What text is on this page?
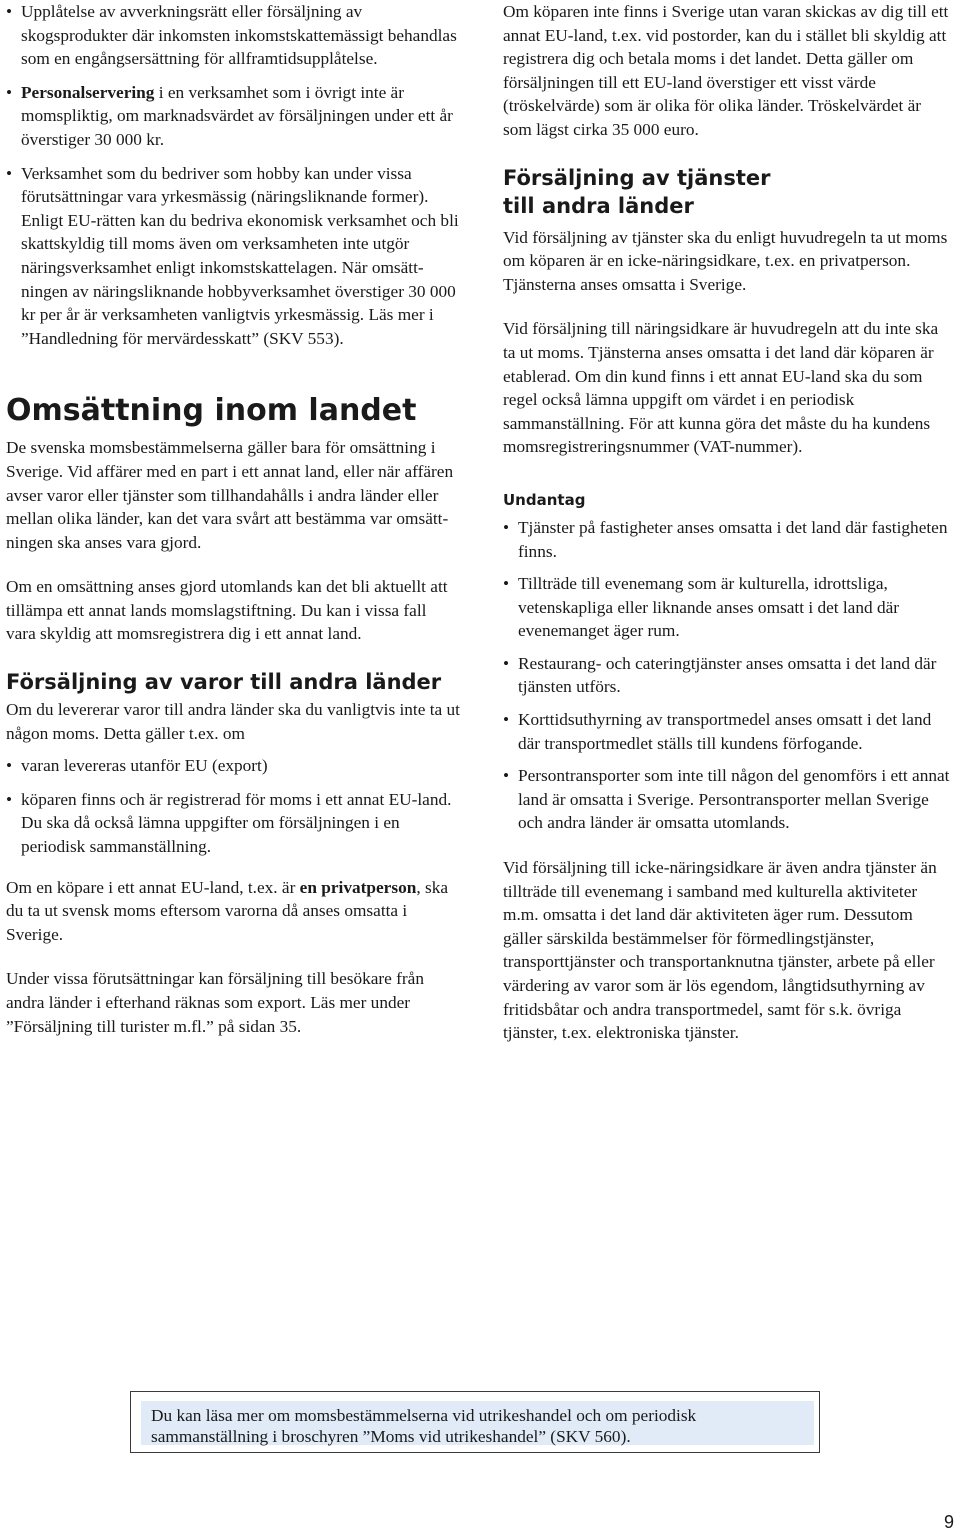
• Upplåtelse av avverkningsrätt eller försäljning av skogsprodukter där inkomsten inkomstskattemässigt behandlas som en engångsersättning för allframtidsupplåtelse.
• Personalservering i en verksamhet som i övrigt inte är momspliktig, om marknadsvärdet av försäljningen under ett år överstiger 30 000 kr.
• Verksamhet som du bedriver som hobby kan under vissa förutsättningar vara yrkesmässig (näringsliknande former). Enligt EU-rätten kan du bedriva ekonomisk verksamhet och bli skattskyldig till moms även om verksamheten inte utgör näringsverksamhet enligt inkomstskattelagen. När omsättningen av näringsliknande hobbyverksamhet överstiger 30 000 kr per år är verksamheten vanligtvis yrkesmässig. Läs mer i ”Handledning för mervärdesskatt” (SKV 553).
Omsättning inom landet

De svenska momsbestämmelserna gäller bara för omsättning i Sverige. Vid affärer med en part i ett annat land, eller när affären avser varor eller tjänster som tillhandahålls i andra länder eller mellan olika länder, kan det vara svårt att bestämma var omsättningen ska anses vara gjord.

Om en omsättning anses gjord utomlands kan det bli aktuellt att tillämpa ett annat lands momslagstiftning. Du kan i vissa fall vara skyldig att momsregistrera dig i ett annat land.

Försäljning av varor till andra länder

Om du levererar varor till andra länder ska du vanligtvis inte ta ut någon moms. Detta gäller t.ex. om

• varan levereras utanför EU (export)
• köparen finns och är registrerad för moms i ett annat EU-land. Du ska då också lämna uppgifter om försäljningen i en periodisk sammanställning.

Om en köpare i ett annat EU-land, t.ex. är en privatperson, ska du ta ut svensk moms eftersom varorna då anses omsatta i Sverige.

Under vissa förutsättningar kan försäljning till besökare från andra länder i efterhand räknas som export. Läs mer under ”Försäljning till turister m.fl.” på sidan 35.

Om köparen inte finns i Sverige utan varan skickas av dig till ett annat EU-land, t.ex. vid postorder, kan du i stället bli skyldig att registrera dig och betala moms i det landet. Detta gäller om försäljningen till ett EU-land överstiger ett visst värde (tröskelvärde) som är olika för olika länder. Tröskelvärdet är som lägst cirka 35 000 euro.

Försäljning av tjänster
till andra länder

Vid försäljning av tjänster ska du enligt huvudregeln ta ut moms om köparen är en icke-näringsidkare, t.ex. en privatperson. Tjänsterna anses omsatta i Sverige.

Vid försäljning till näringsidkare är huvudregeln att du inte ska ta ut moms. Tjänsterna anses omsatta i det land där köparen är etablerad. Om din kund finns i ett annat EU-land ska du som regel också lämna uppgift om värdet i en periodisk sammanställning. För att kunna göra det måste du ha kundens momsregistreringsnummer (VAT-nummer).

Undantag
• Tjänster på fastigheter anses omsatta i det land där fastigheten finns.
• Tillträde till evenemang som är kulturella, idrottsliga, vetenskapliga eller liknande anses omsatt i det land där evenemanget äger rum.
• Restaurang- och cateringtjänster anses omsatta i det land där tjänsten utförs.
• Korttidsuthyrning av transportmedel anses omsatt i det land där transportmedlet ställs till kundens förfogande.
• Persontransporter som inte till någon del genomförs i ett annat land är omsatta i Sverige. Persontransporter mellan Sverige och andra länder är omsatta utomlands.

Vid försäljning till icke-näringsidkare är även andra tjänster än tillträde till evenemang i samband med kulturella aktiviteter m.m. omsatta i det land där aktiviteten äger rum. Dessutom gäller särskilda bestämmelser för förmedlingstjänster, transporttjänster och transportanknutna tjänster, arbete på eller värdering av varor som är lös egendom, långtidsuthyrning av fritidsbåtar och andra transportmedel, samt för s.k. övriga tjänster, t.ex. elektroniska tjänster.

Du kan läsa mer om momsbestämmelserna vid utrikeshandel och om periodisk sammanställning i broschyren ”Moms vid utrikeshandel” (SKV 560).
9
